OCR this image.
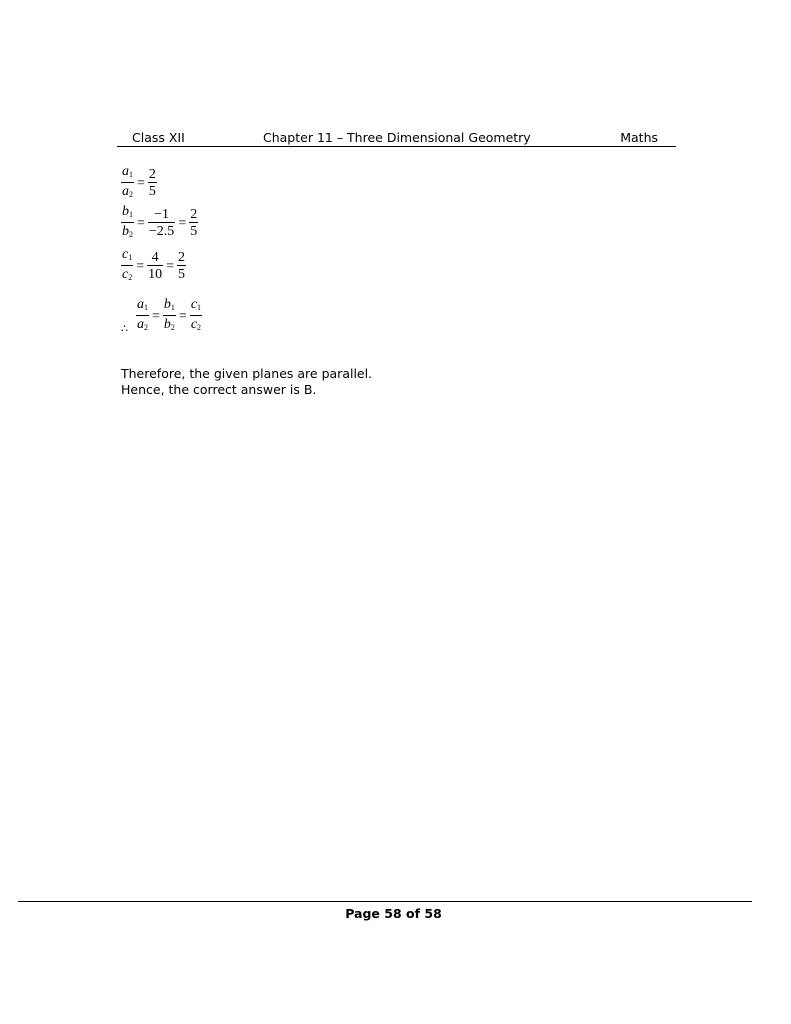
Class XII	Chapter 11 – Three Dimensional Geometry	Maths
$\frac{a_1}{a_2} = \frac{2}{5}$
$\frac{b_1}{b_2} = \frac{-1}{-2.5} = \frac{2}{5}$
$\frac{c_1}{c_2} = \frac{4}{10} = \frac{2}{5}$
∴ $\frac{a_1}{a_2} = \frac{b_1}{b_2} = \frac{c_1}{c_2}$

Therefore, the given planes are parallel.

Hence, the correct answer is B.

Page 58 of 58
